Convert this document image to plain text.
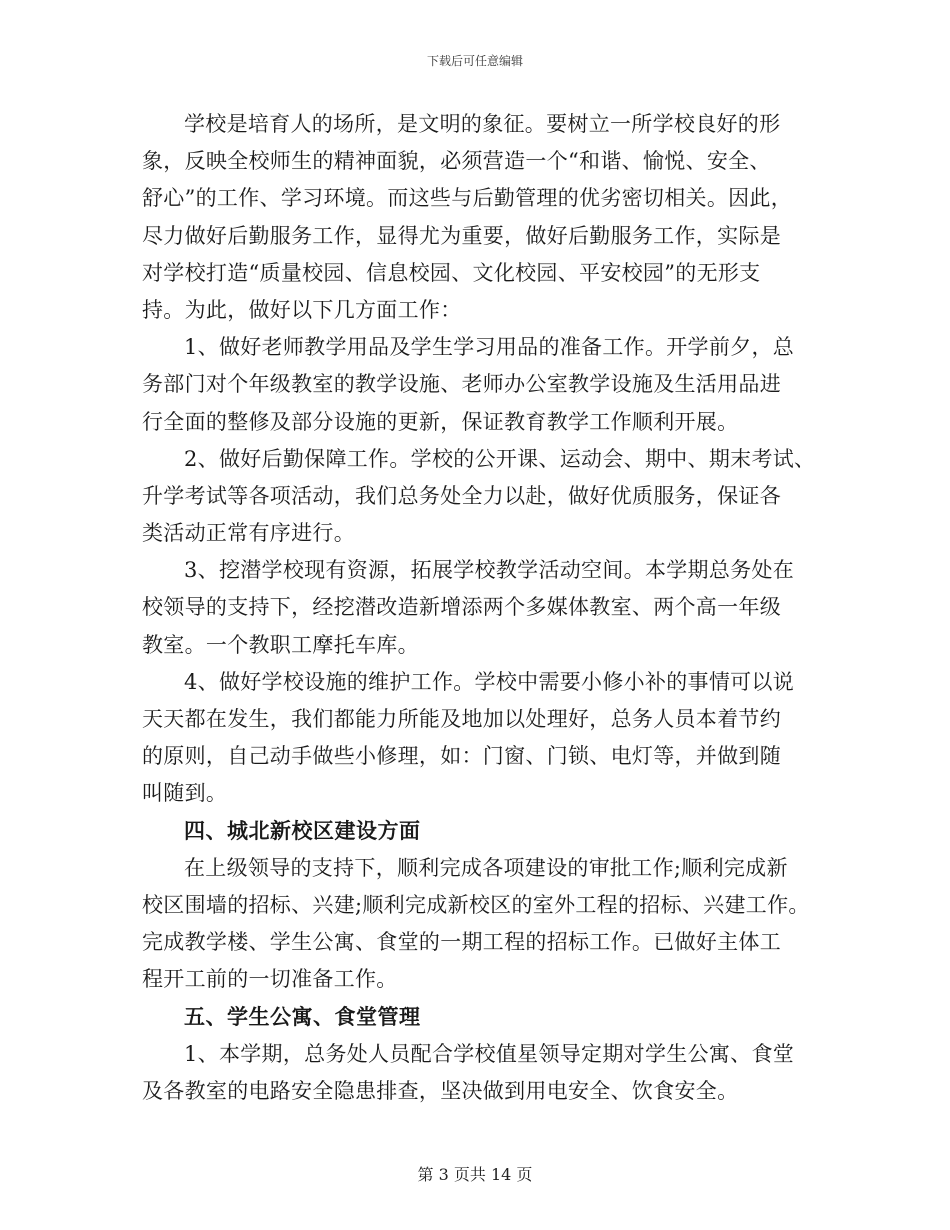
下载后可任意编辑
学校是培育人的场所，是文明的象征。要树立一所学校良好的形
象，反映全校师生的精神面貌，必须营造一个“和谐、愉悦、安全、
舒心”的工作、学习环境。而这些与后勤管理的优劣密切相关。因此，
尽力做好后勤服务工作，显得尤为重要，做好后勤服务工作，实际是
对学校打造“质量校园、信息校园、文化校园、平安校园”的无形支
持。为此，做好以下几方面工作：
1、做好老师教学用品及学生学习用品的准备工作。开学前夕，总
务部门对个年级教室的教学设施、老师办公室教学设施及生活用品进
行全面的整修及部分设施的更新，保证教育教学工作顺利开展。
2、做好后勤保障工作。学校的公开课、运动会、期中、期末考试、
升学考试等各项活动，我们总务处全力以赴，做好优质服务，保证各
类活动正常有序进行。
3、挖潜学校现有资源，拓展学校教学活动空间。本学期总务处在
校领导的支持下，经挖潜改造新增添两个多媒体教室、两个高一年级
教室。一个教职工摩托车库。
4、做好学校设施的维护工作。学校中需要小修小补的事情可以说
天天都在发生，我们都能力所能及地加以处理好，总务人员本着节约
的原则，自己动手做些小修理，如：门窗、门锁、电灯等，并做到随
叫随到。
四、城北新校区建设方面
在上级领导的支持下，顺利完成各项建设的审批工作;顺利完成新
校区围墙的招标、兴建;顺利完成新校区的室外工程的招标、兴建工作。
完成教学楼、学生公寓、食堂的一期工程的招标工作。已做好主体工
程开工前的一切准备工作。
五、学生公寓、食堂管理
1、本学期，总务处人员配合学校值星领导定期对学生公寓、食堂
及各教室的电路安全隐患排查，坚决做到用电安全、饮食安全。
第 3 页共 14 页
